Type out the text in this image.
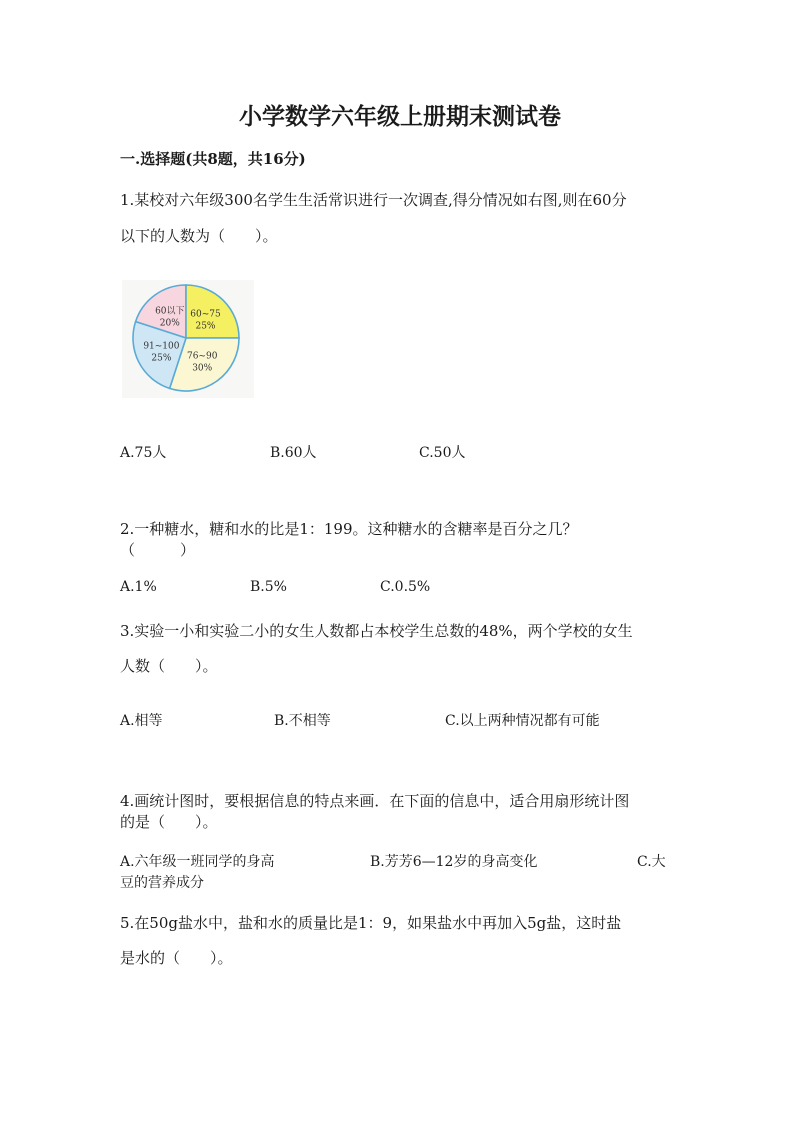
小学数学六年级上册期末测试卷
一.选择题(共8题，共16分)
1.某校对六年级300名学生生活常识进行一次调查,得分情况如右图,则在60分
以下的人数为（　　）。
60以下
20%
60~75
25%
76~90
30%
91~100
25%
A.75人	B.60人	C.50人
2.一种糖水，糖和水的比是1：199。这种糖水的含糖率是百分之几？
（　　　）
A.1%	B.5%	C.0.5%
3.实验一小和实验二小的女生人数都占本校学生总数的48%，两个学校的女生
人数（　　）。
A.相等	B.不相等	C.以上两种情况都有可能
4.画统计图时，要根据信息的特点来画．在下面的信息中，适合用扇形统计图
的是（　　）。
A.六年级一班同学的身高	B.芳芳6—12岁的身高变化	C.大
豆的营养成分
5.在50g盐水中，盐和水的质量比是1：9，如果盐水中再加入5g盐，这时盐
是水的（　　）。
